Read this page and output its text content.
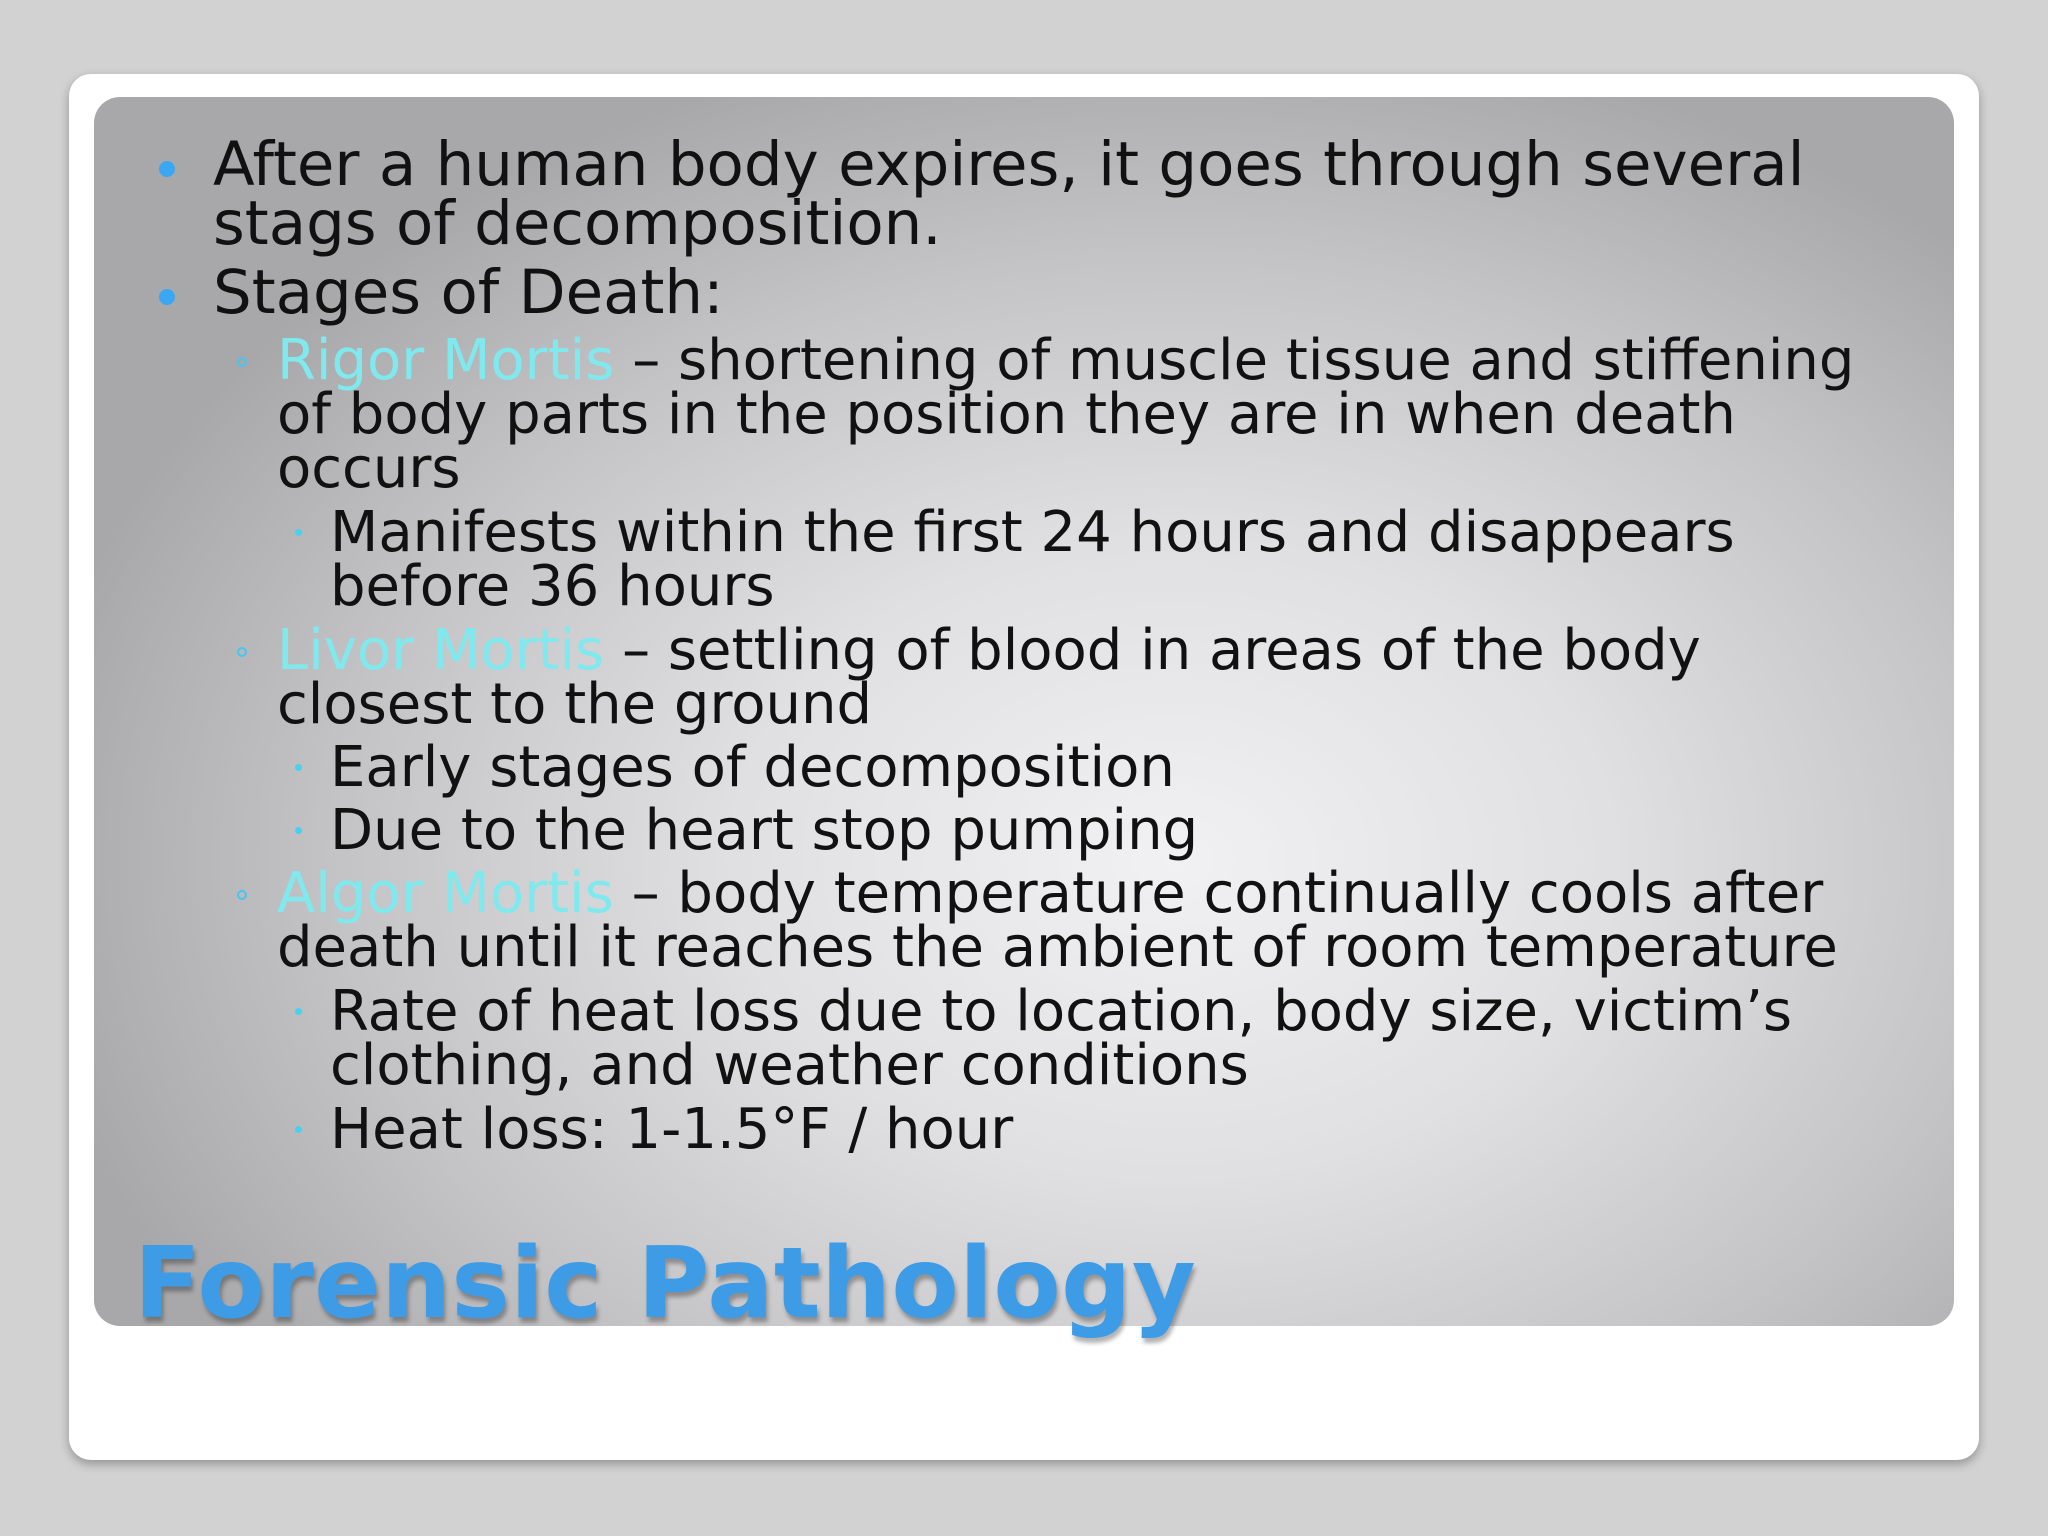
After a human body expires, it goes through several
stags of decomposition.
Stages of Death:
Rigor Mortis – shortening of muscle tissue and stiffening
of body parts in the position they are in when death
occurs
Manifests within the first 24 hours and disappears
before 36 hours
Livor Mortis – settling of blood in areas of the body
closest to the ground
Early stages of decomposition
Due to the heart stop pumping
Algor Mortis – body temperature continually cools after
death until it reaches the ambient of room temperature
Rate of heat loss due to location, body size, victim’s
clothing, and weather conditions
Heat loss: 1-1.5°F / hour
Forensic Pathology
